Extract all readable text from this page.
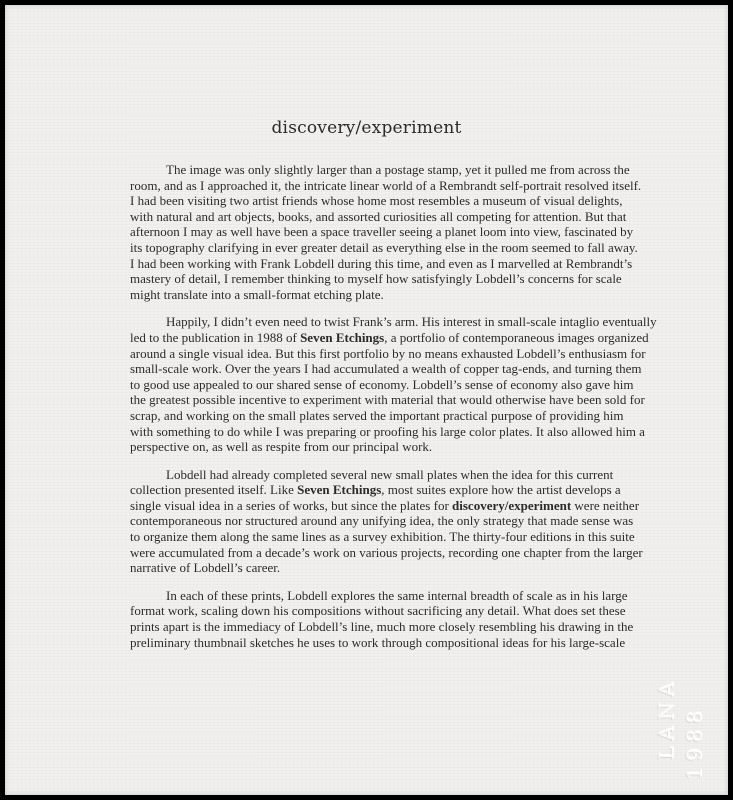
discovery/experiment

The image was only slightly larger than a postage stamp, yet it pulled me from across the
room, and as I approached it, the intricate linear world of a Rembrandt self-portrait resolved itself.
I had been visiting two artist friends whose home most resembles a museum of visual delights,
with natural and art objects, books, and assorted curiosities all competing for attention. But that
afternoon I may as well have been a space traveller seeing a planet loom into view, fascinated by
its topography clarifying in ever greater detail as everything else in the room seemed to fall away.
I had been working with Frank Lobdell during this time, and even as I marvelled at Rembrandt’s
mastery of detail, I remember thinking to myself how satisfyingly Lobdell’s concerns for scale
might translate into a small-format etching plate.

Happily, I didn’t even need to twist Frank’s arm. His interest in small-scale intaglio eventually
led to the publication in 1988 of Seven Etchings, a portfolio of contemporaneous images organized
around a single visual idea. But this first portfolio by no means exhausted Lobdell’s enthusiasm for
small-scale work. Over the years I had accumulated a wealth of copper tag-ends, and turning them
to good use appealed to our shared sense of economy. Lobdell’s sense of economy also gave him
the greatest possible incentive to experiment with material that would otherwise have been sold for
scrap, and working on the small plates served the important practical purpose of providing him
with something to do while I was preparing or proofing his large color plates. It also allowed him a
perspective on, as well as respite from our principal work.

Lobdell had already completed several new small plates when the idea for this current
collection presented itself. Like Seven Etchings, most suites explore how the artist develops a
single visual idea in a series of works, but since the plates for discovery/experiment were neither
contemporaneous nor structured around any unifying idea, the only strategy that made sense was
to organize them along the same lines as a survey exhibition. The thirty-four editions in this suite
were accumulated from a decade’s work on various projects, recording one chapter from the larger
narrative of Lobdell’s career.

In each of these prints, Lobdell explores the same internal breadth of scale as in his large
format work, scaling down his compositions without sacrificing any detail. What does set these
prints apart is the immediacy of Lobdell’s line, much more closely resembling his drawing in the
preliminary thumbnail sketches he uses to work through compositional ideas for his large-scale

LANA 1988
